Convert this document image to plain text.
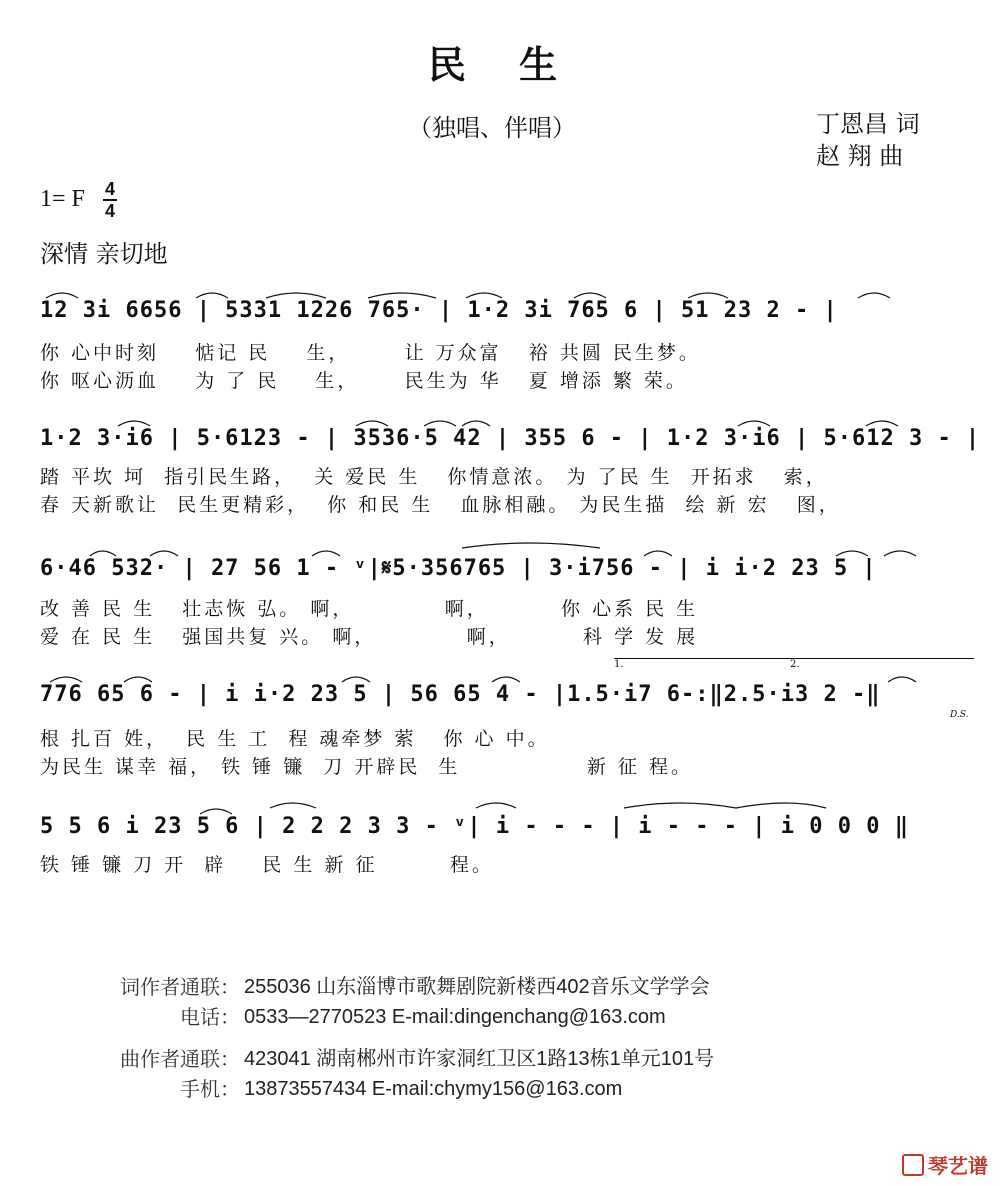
民 生
（独唱、伴唱）	丁恩昌 词
赵 翔 曲
1= F 4
4
深情 亲切地
12 3i 6656 | 5331 1226 765· | 1·2 3i 765 6 | 51 23 2 - |
你 心中时刻    惦记 民    生，      让 万众富   裕 共圆 民生梦。
你 呕心沥血    为 了 民    生，     民生为 华   夏 增添 繁 荣。
1·2 3·i6 | 5·6123 - | 3536·5 42 | 355 6 - | 1·2 3·i6 | 5·612 3 - |
踏 平坎 坷  指引民生路，  关 爱民 生   你情意浓。 为 了民 生  开拓求   索，
春 天新歌让  民生更精彩，  你 和民 生   血脉相融。 为民生描  绘 新 宏   图，
6·46 532· | 27 56 1 - ᵛ|𝄋5·356765 | 3·i756 - | i i·2 23 5 |
改 善 民 生   壮志恢 弘。 啊，          啊，        你 心系 民 生
爱 在 民 生   强国共复 兴。 啊，          啊，        科 学 发 展
1.	2.
776 65 6 - | i i·2 23 5 | 56 65 4 - |1.5·i7 6-:‖2.5·i3 2 -‖
D.S.
根 扎百 姓，  民 生 工  程 魂牵梦 萦   你 心 中。
为民生 谋幸 福， 铁 锤 镰  刀 开辟民  生              新 征 程。
5 5 6 i 23 5 6 | 2 2 2 3 3 - ᵛ| i - - - | i - - - | i 0 0 0 ‖
铁 锤 镰 刀 开  辟    民 生 新 征        程。
词作者通联： 255036 山东淄博市歌舞剧院新楼西402音乐文学学会
电话： 0533—2770523 E-mail:dingenchang@163.com
曲作者通联： 423041 湖南郴州市许家洞红卫区1路13栋1单元101号
手机： 13873557434 E-mail:chymy156@163.com
琴艺谱
